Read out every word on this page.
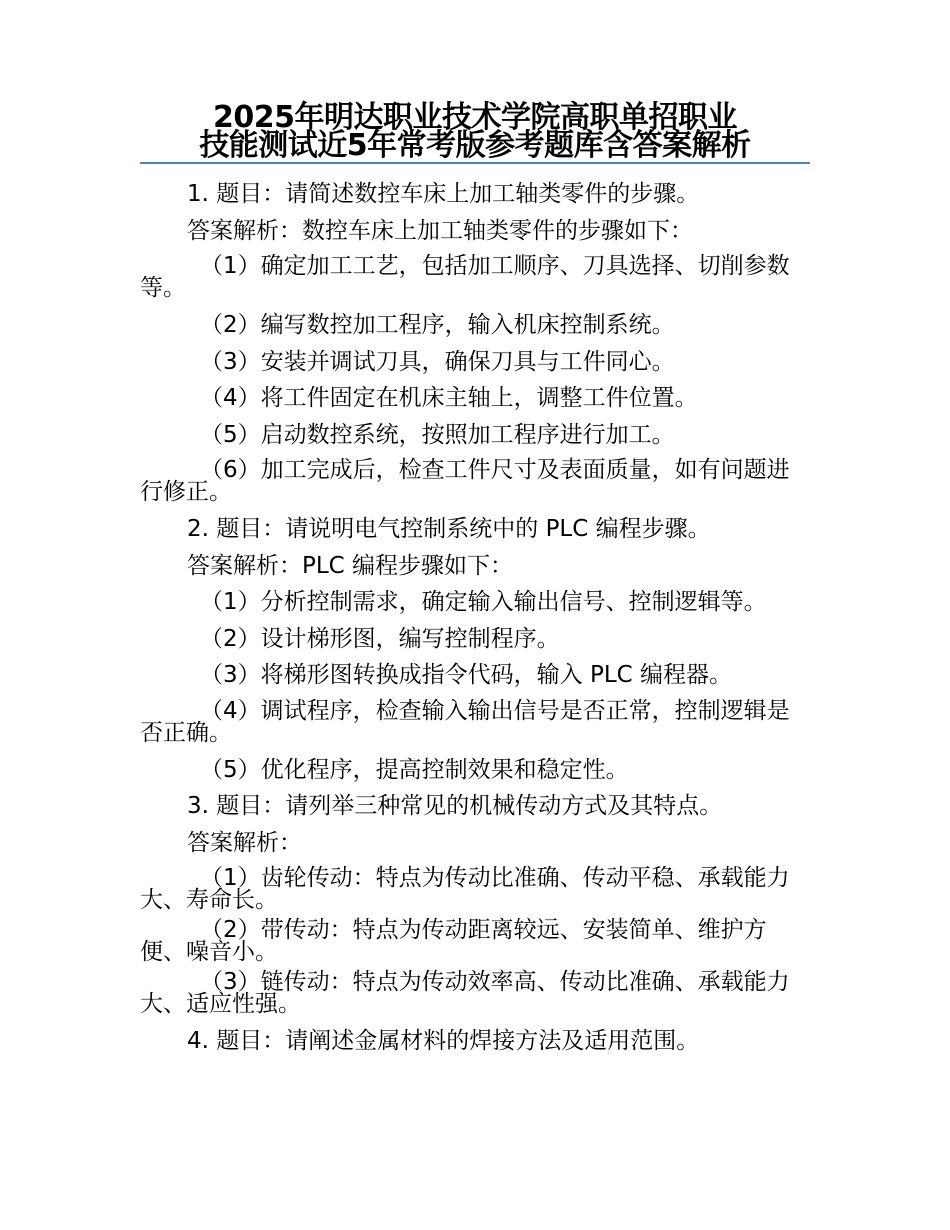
2025年明达职业技术学院高职单招职业
技能测试近5年常考版参考题库含答案解析

1. 题目：请简述数控车床上加工轴类零件的步骤。

答案解析：数控车床上加工轴类零件的步骤如下：

（1）确定加工工艺，包括加工顺序、刀具选择、切削参数等。

（2）编写数控加工程序，输入机床控制系统。

（3）安装并调试刀具，确保刀具与工件同心。

（4）将工件固定在机床主轴上，调整工件位置。

（5）启动数控系统，按照加工程序进行加工。

（6）加工完成后，检查工件尺寸及表面质量，如有问题进行修正。

2. 题目：请说明电气控制系统中的 PLC 编程步骤。

答案解析：PLC 编程步骤如下：

（1）分析控制需求，确定输入输出信号、控制逻辑等。

（2）设计梯形图，编写控制程序。

（3）将梯形图转换成指令代码，输入 PLC 编程器。

（4）调试程序，检查输入输出信号是否正常，控制逻辑是否正确。

（5）优化程序，提高控制效果和稳定性。

3. 题目：请列举三种常见的机械传动方式及其特点。

答案解析：

（1）齿轮传动：特点为传动比准确、传动平稳、承载能力大、寿命长。

（2）带传动：特点为传动距离较远、安装简单、维护方便、噪音小。

（3）链传动：特点为传动效率高、传动比准确、承载能力大、适应性强。

4. 题目：请阐述金属材料的焊接方法及适用范围。
